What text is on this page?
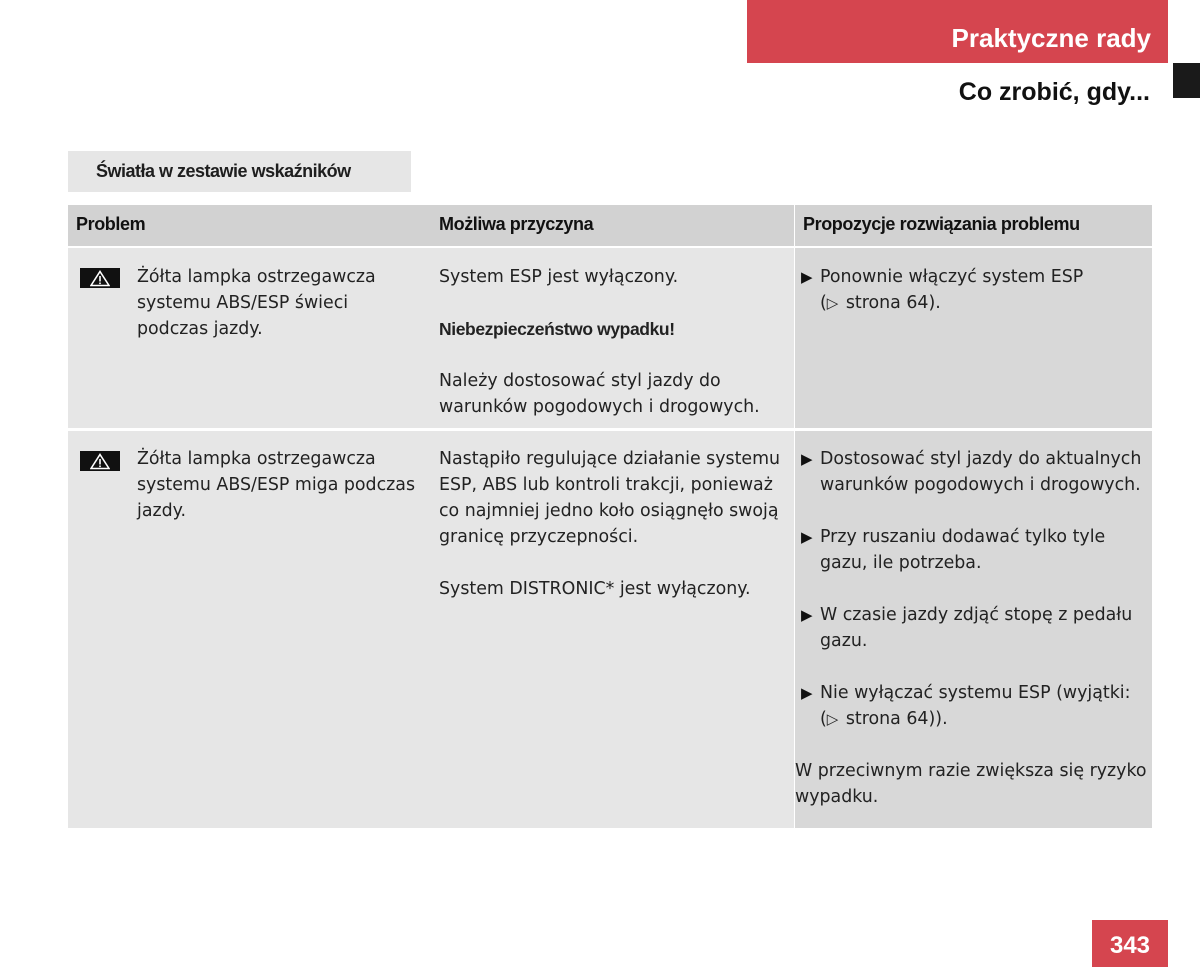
Praktyczne rady
Co zrobić, gdy...
Światła w zestawie wskaźników
Problem	Możliwa przyczyna	Propozycje rozwiązania problemu
Żółta lampka ostrzegawcza systemu ABS/ESP świeci podczas jazdy.

System ESP jest wyłączony.

Niebezpieczeństwo wypadku!

Należy dostosować styl jazdy do warunków pogodowych i drogowych.

▶ Ponownie włączyć system ESP
(▷ strona 64).
Żółta lampka ostrzegawcza systemu ABS/ESP miga podczas jazdy.

Nastąpiło regulujące działanie systemu ESP, ABS lub kontroli trakcji, ponieważ co najmniej jedno koło osiągnęło swoją granicę przyczepności.

System DISTRONIC* jest wyłączony.

▶ Dostosować styl jazdy do aktualnych warunków pogodowych i drogowych.
▶ Przy ruszaniu dodawać tylko tyle gazu, ile potrzeba.
▶ W czasie jazdy zdjąć stopę z pedału gazu.
▶ Nie wyłączać systemu ESP (wyjątki:
(▷ strona 64)).

W przeciwnym razie zwiększa się ryzyko wypadku.

343
